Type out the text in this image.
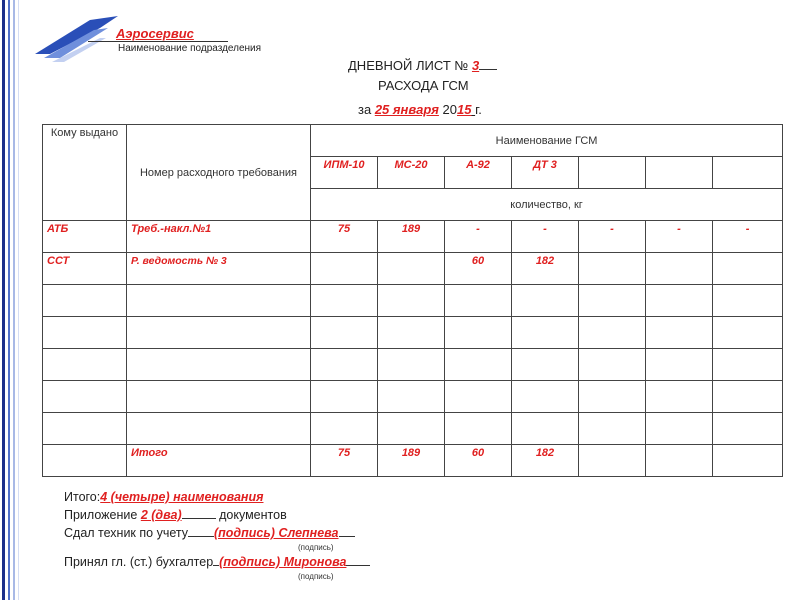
Аэросервис
Наименование подразделения
ДНЕВНОЙ ЛИСТ № 3
РАСХОДА ГСМ
за 25 января 2015 г.
Кому выдано	Номер расходного требования	Наименование ГСМ						
		ИПМ-10	МС-20	А-92	ДТ 3			
		количество, кг						
АТБ	Треб.-накл.№1	75	189	-	-	-	-	-
ССТ	Р. ведомость № 3			60	182			

	Итого	75	189	60	182			
Итого:4 (четыре) наименования
Приложение 2 (два)	документов
Сдал техник по учету (подпись) Слепнева
(подпись)
Принял гл. (ст.) бухгалтер (подпись) Миронова
(подпись)
